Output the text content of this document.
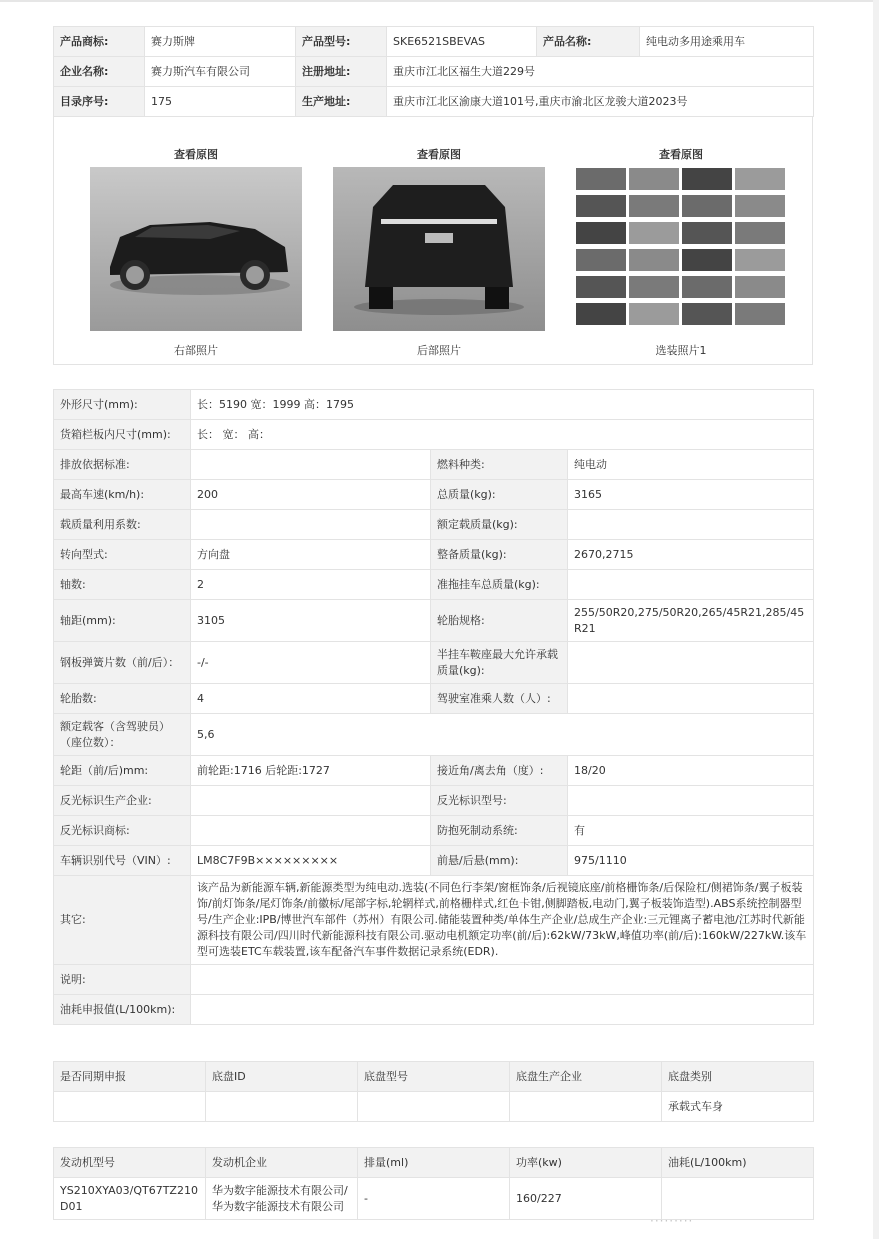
产品商标:	赛力斯牌	产品型号:	SKE6521SBEVAS	产品名称:	纯电动多用途乘用车
企业名称:	赛力斯汽车有限公司	注册地址:	重庆市江北区福生大道229号		
目录序号:	175	生产地址:	重庆市江北区渝康大道101号,重庆市渝北区龙骏大道2023号		
查看原图
右部照片
查看原图
后部照片
查看原图
选装照片1
外形尺寸(mm):	长：5190 宽：1999 高：1795		
货箱栏板内尺寸(mm):	长： 宽： 高：		
排放依据标准:		燃料种类:	纯电动
最高车速(km/h):	200	总质量(kg):	3165
载质量利用系数:		额定载质量(kg):	
转向型式:	方向盘	整备质量(kg):	2670,2715
轴数:	2	准拖挂车总质量(kg):	
轴距(mm):	3105	轮胎规格:	255/50R20,275/50R20,265/45R21,285/45R21
钢板弹簧片数（前/后）：	-/-	半挂车鞍座最大允许承载质量(kg):	
轮胎数:	4	驾驶室准乘人数（人）:	
额定载客（含驾驶员）（座位数）：	5,6		
轮距（前/后)mm:	前轮距:1716 后轮距:1727	接近角/离去角（度）:	18/20
反光标识生产企业:		反光标识型号:	
反光标识商标:		防抱死制动系统:	有
车辆识别代号（VIN）:	LM8C7F9B×××××××××	前悬/后悬(mm):	975/1110
其它:	该产品为新能源车辆,新能源类型为纯电动.选装(不同色行李架/窗框饰条/后视镜底座/前格栅饰条/后保险杠/侧裙饰条/翼子板装饰/前灯饰条/尾灯饰条/前徽标/尾部字标,轮辋样式,前格栅样式,红色卡钳,侧脚踏板,电动门,翼子板装饰造型).ABS系统控制器型号/生产企业:IPB/博世汽车部件（苏州）有限公司.储能装置种类/单体生产企业/总成生产企业:三元锂离子蓄电池/江苏时代新能源科技有限公司/四川时代新能源科技有限公司.驱动电机额定功率(前/后):62kW/73kW,峰值功率(前/后):160kW/227kW.该车型可选装ETC车载装置,该车配备汽车事件数据记录系统(EDR).		
说明:			
油耗申报值(L/100km):			
是否同期申报	底盘ID	底盘型号	底盘生产企业	底盘类别
				承载式车身
发动机型号	发动机企业	排量(ml)	功率(kw)	油耗(L/100km)
YS210XYA03/QT67TZ210D01	华为数字能源技术有限公司/华为数字能源技术有限公司	-	160/227	
·········
